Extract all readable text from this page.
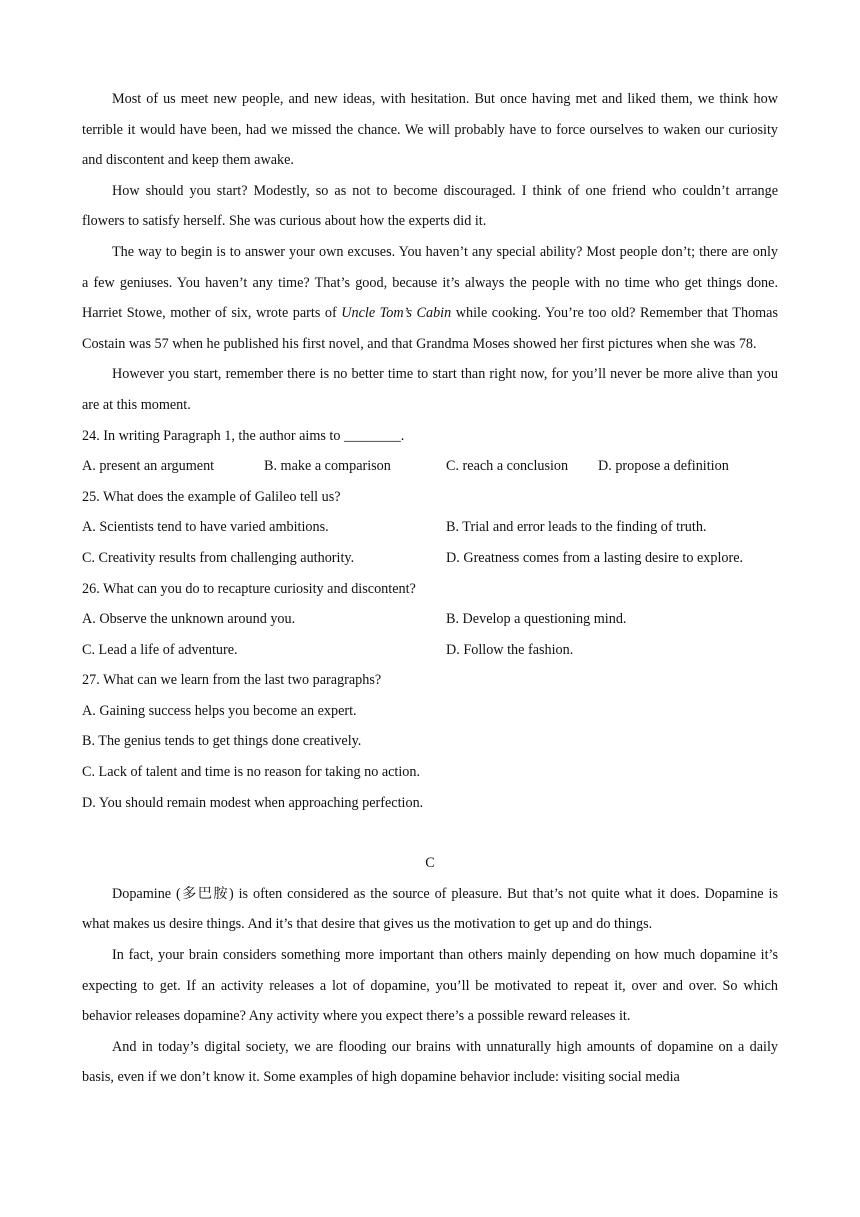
Most of us meet new people, and new ideas, with hesitation. But once having met and liked them, we think how terrible it would have been, had we missed the chance. We will probably have to force ourselves to waken our curiosity and discontent and keep them awake.

How should you start? Modestly, so as not to become discouraged. I think of one friend who couldn’t arrange flowers to satisfy herself. She was curious about how the experts did it.

The way to begin is to answer your own excuses. You haven’t any special ability? Most people don’t; there are only a few geniuses. You haven’t any time? That’s good, because it’s always the people with no time who get things done. Harriet Stowe, mother of six, wrote parts of Uncle Tom’s Cabin while cooking. You’re too old? Remember that Thomas Costain was 57 when he published his first novel, and that Grandma Moses showed her first pictures when she was 78.

However you start, remember there is no better time to start than right now, for you’ll never be more alive than you are at this moment.

24. In writing Paragraph 1, the author aims to ________.

A. present an argument	B. make a comparison	C. reach a conclusion	D. propose a definition

25. What does the example of Galileo tell us?

A. Scientists tend to have varied ambitions.	B. Trial and error leads to the finding of truth.
C. Creativity results from challenging authority.	D. Greatness comes from a lasting desire to explore.

26. What can you do to recapture curiosity and discontent?

A. Observe the unknown around you.	B. Develop a questioning mind.
C. Lead a life of adventure.	D. Follow the fashion.

27. What can we learn from the last two paragraphs?

A. Gaining success helps you become an expert.

B. The genius tends to get things done creatively.

C. Lack of talent and time is no reason for taking no action.

D. You should remain modest when approaching perfection.

C

Dopamine (多巴胺) is often considered as the source of pleasure. But that’s not quite what it does. Dopamine is what makes us desire things. And it’s that desire that gives us the motivation to get up and do things.

In fact, your brain considers something more important than others mainly depending on how much dopamine it’s expecting to get. If an activity releases a lot of dopamine, you’ll be motivated to repeat it, over and over. So which behavior releases dopamine? Any activity where you expect there’s a possible reward releases it.

And in today’s digital society, we are flooding our brains with unnaturally high amounts of dopamine on a daily basis, even if we don’t know it. Some examples of high dopamine behavior include: visiting social media
